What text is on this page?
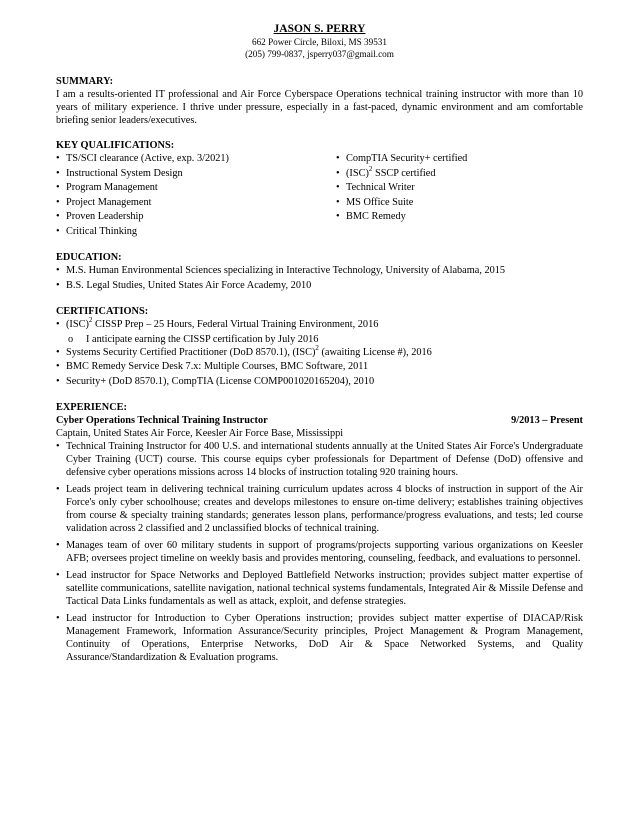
JASON S. PERRY
662 Power Circle, Biloxi, MS 39531
(205) 799-0837, jsperry037@gmail.com
SUMMARY:
I am a results-oriented IT professional and Air Force Cyberspace Operations technical training instructor with more than 10 years of military experience. I thrive under pressure, especially in a fast-paced, dynamic environment and am comfortable briefing senior leaders/executives.
KEY QUALIFICATIONS:
• TS/SCI clearance (Active, exp. 3/2021)
• Instructional System Design
• Program Management
• Project Management
• Proven Leadership
• Critical Thinking
• CompTIA Security+ certified
• (ISC)$^2$ SSCP certified
• Technical Writer
• MS Office Suite
• BMC Remedy
EDUCATION:
• M.S. Human Environmental Sciences specializing in Interactive Technology, University of Alabama, 2015
• B.S. Legal Studies, United States Air Force Academy, 2010
CERTIFICATIONS:
• (ISC)$^2$ CISSP Prep – 25 Hours, Federal Virtual Training Environment, 2016
o I anticipate earning the CISSP certification by July 2016
• Systems Security Certified Practitioner (DoD 8570.1), (ISC)$^2$ (awaiting License #), 2016
• BMC Remedy Service Desk 7.x: Multiple Courses, BMC Software, 2011
• Security+ (DoD 8570.1), CompTIA (License COMP001020165204), 2010
EXPERIENCE:
Cyber Operations Technical Training Instructor	9/2013 – Present
Captain, United States Air Force, Keesler Air Force Base, Mississippi
• Technical Training Instructor for 400 U.S. and international students annually at the United States Air Force's Undergraduate Cyber Training (UCT) course. This course equips cyber professionals for Department of Defense (DoD) offensive and defensive cyber operations missions across 14 blocks of instruction totaling 920 training hours.
• Leads project team in delivering technical training curriculum updates across 4 blocks of instruction in support of the Air Force's only cyber schoolhouse; creates and develops milestones to ensure on-time delivery; establishes training objectives from course & specialty training standards; generates lesson plans, performance/progress evaluations, and tests; led course validation across 2 classified and 2 unclassified blocks of technical training.
• Manages team of over 60 military students in support of programs/projects supporting various organizations on Keesler AFB; oversees project timeline on weekly basis and provides mentoring, counseling, feedback, and evaluations to personnel.
• Lead instructor for Space Networks and Deployed Battlefield Networks instruction; provides subject matter expertise of satellite communications, satellite navigation, national technical systems fundamentals, Integrated Air & Missile Defense and Tactical Data Links fundamentals as well as attack, exploit, and defense strategies.
• Lead instructor for Introduction to Cyber Operations instruction; provides subject matter expertise of DIACAP/Risk Management Framework, Information Assurance/Security principles, Project Management & Program Management, Continuity of Operations, Enterprise Networks, DoD Air & Space Networked Systems, and Quality Assurance/Standardization & Evaluation programs.
